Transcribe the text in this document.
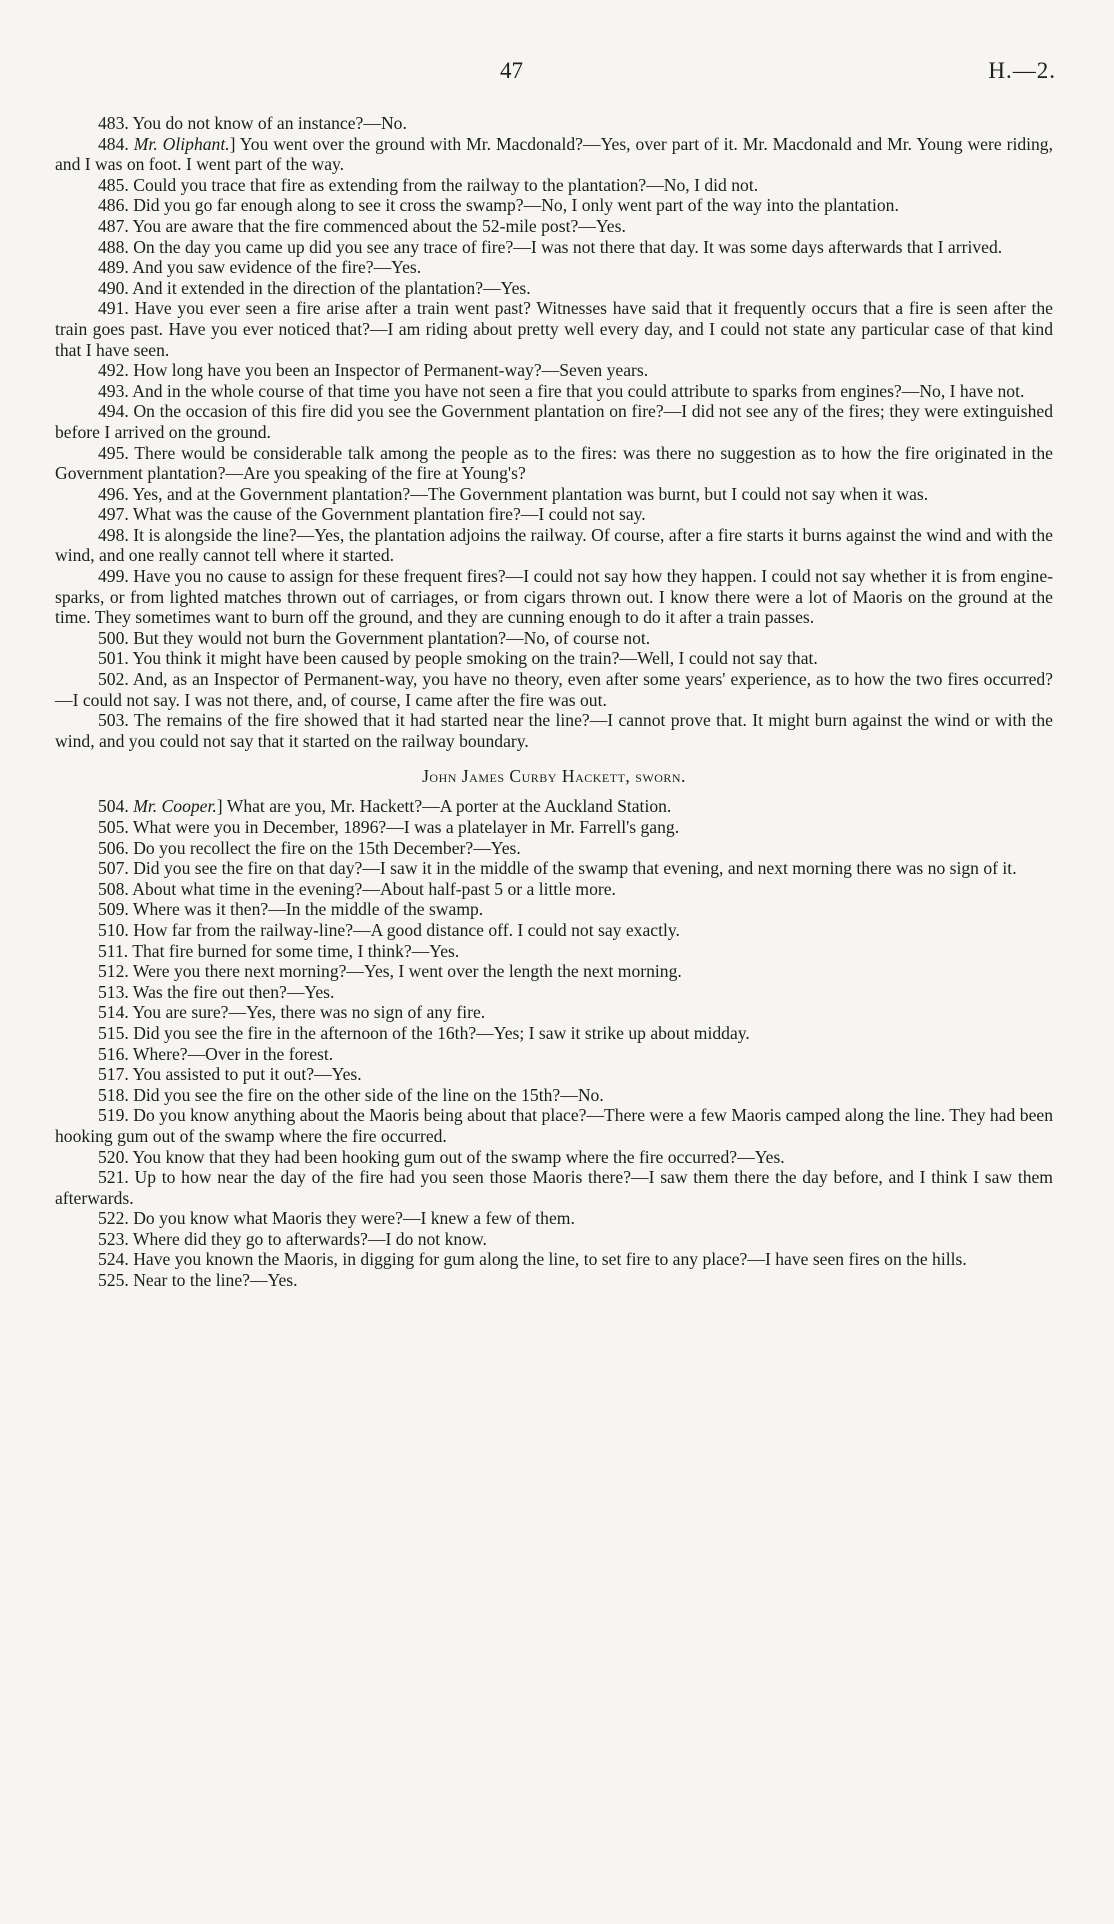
47	H.—2.

483. You do not know of an instance?—No.

484. Mr. Oliphant.] You went over the ground with Mr. Macdonald?—Yes, over part of it. Mr. Macdonald and Mr. Young were riding, and I was on foot. I went part of the way.

485. Could you trace that fire as extending from the railway to the plantation?—No, I did not.

486. Did you go far enough along to see it cross the swamp?—No, I only went part of the way into the plantation.

487. You are aware that the fire commenced about the 52-mile post?—Yes.

488. On the day you came up did you see any trace of fire?—I was not there that day. It was some days afterwards that I arrived.

489. And you saw evidence of the fire?—Yes.

490. And it extended in the direction of the plantation?—Yes.

491. Have you ever seen a fire arise after a train went past? Witnesses have said that it frequently occurs that a fire is seen after the train goes past. Have you ever noticed that?—I am riding about pretty well every day, and I could not state any particular case of that kind that I have seen.

492. How long have you been an Inspector of Permanent-way?—Seven years.

493. And in the whole course of that time you have not seen a fire that you could attribute to sparks from engines?—No, I have not.

494. On the occasion of this fire did you see the Government plantation on fire?—I did not see any of the fires; they were extinguished before I arrived on the ground.

495. There would be considerable talk among the people as to the fires: was there no suggestion as to how the fire originated in the Government plantation?—Are you speaking of the fire at Young's?

496. Yes, and at the Government plantation?—The Government plantation was burnt, but I could not say when it was.

497. What was the cause of the Government plantation fire?—I could not say.

498. It is alongside the line?—Yes, the plantation adjoins the railway. Of course, after a fire starts it burns against the wind and with the wind, and one really cannot tell where it started.

499. Have you no cause to assign for these frequent fires?—I could not say how they happen. I could not say whether it is from engine-sparks, or from lighted matches thrown out of carriages, or from cigars thrown out. I know there were a lot of Maoris on the ground at the time. They sometimes want to burn off the ground, and they are cunning enough to do it after a train passes.

500. But they would not burn the Government plantation?—No, of course not.

501. You think it might have been caused by people smoking on the train?—Well, I could not say that.

502. And, as an Inspector of Permanent-way, you have no theory, even after some years' experience, as to how the two fires occurred?—I could not say. I was not there, and, of course, I came after the fire was out.

503. The remains of the fire showed that it had started near the line?—I cannot prove that. It might burn against the wind or with the wind, and you could not say that it started on the railway boundary.

John James Curby Hackett, sworn.

504. Mr. Cooper.] What are you, Mr. Hackett?—A porter at the Auckland Station.

505. What were you in December, 1896?—I was a platelayer in Mr. Farrell's gang.

506. Do you recollect the fire on the 15th December?—Yes.

507. Did you see the fire on that day?—I saw it in the middle of the swamp that evening, and next morning there was no sign of it.

508. About what time in the evening?—About half-past 5 or a little more.

509. Where was it then?—In the middle of the swamp.

510. How far from the railway-line?—A good distance off. I could not say exactly.

511. That fire burned for some time, I think?—Yes.

512. Were you there next morning?—Yes, I went over the length the next morning.

513. Was the fire out then?—Yes.

514. You are sure?—Yes, there was no sign of any fire.

515. Did you see the fire in the afternoon of the 16th?—Yes; I saw it strike up about midday.

516. Where?—Over in the forest.

517. You assisted to put it out?—Yes.

518. Did you see the fire on the other side of the line on the 15th?—No.

519. Do you know anything about the Maoris being about that place?—There were a few Maoris camped along the line. They had been hooking gum out of the swamp where the fire occurred.

520. You know that they had been hooking gum out of the swamp where the fire occurred?—Yes.

521. Up to how near the day of the fire had you seen those Maoris there?—I saw them there the day before, and I think I saw them afterwards.

522. Do you know what Maoris they were?—I knew a few of them.

523. Where did they go to afterwards?—I do not know.

524. Have you known the Maoris, in digging for gum along the line, to set fire to any place?—I have seen fires on the hills.

525. Near to the line?—Yes.
